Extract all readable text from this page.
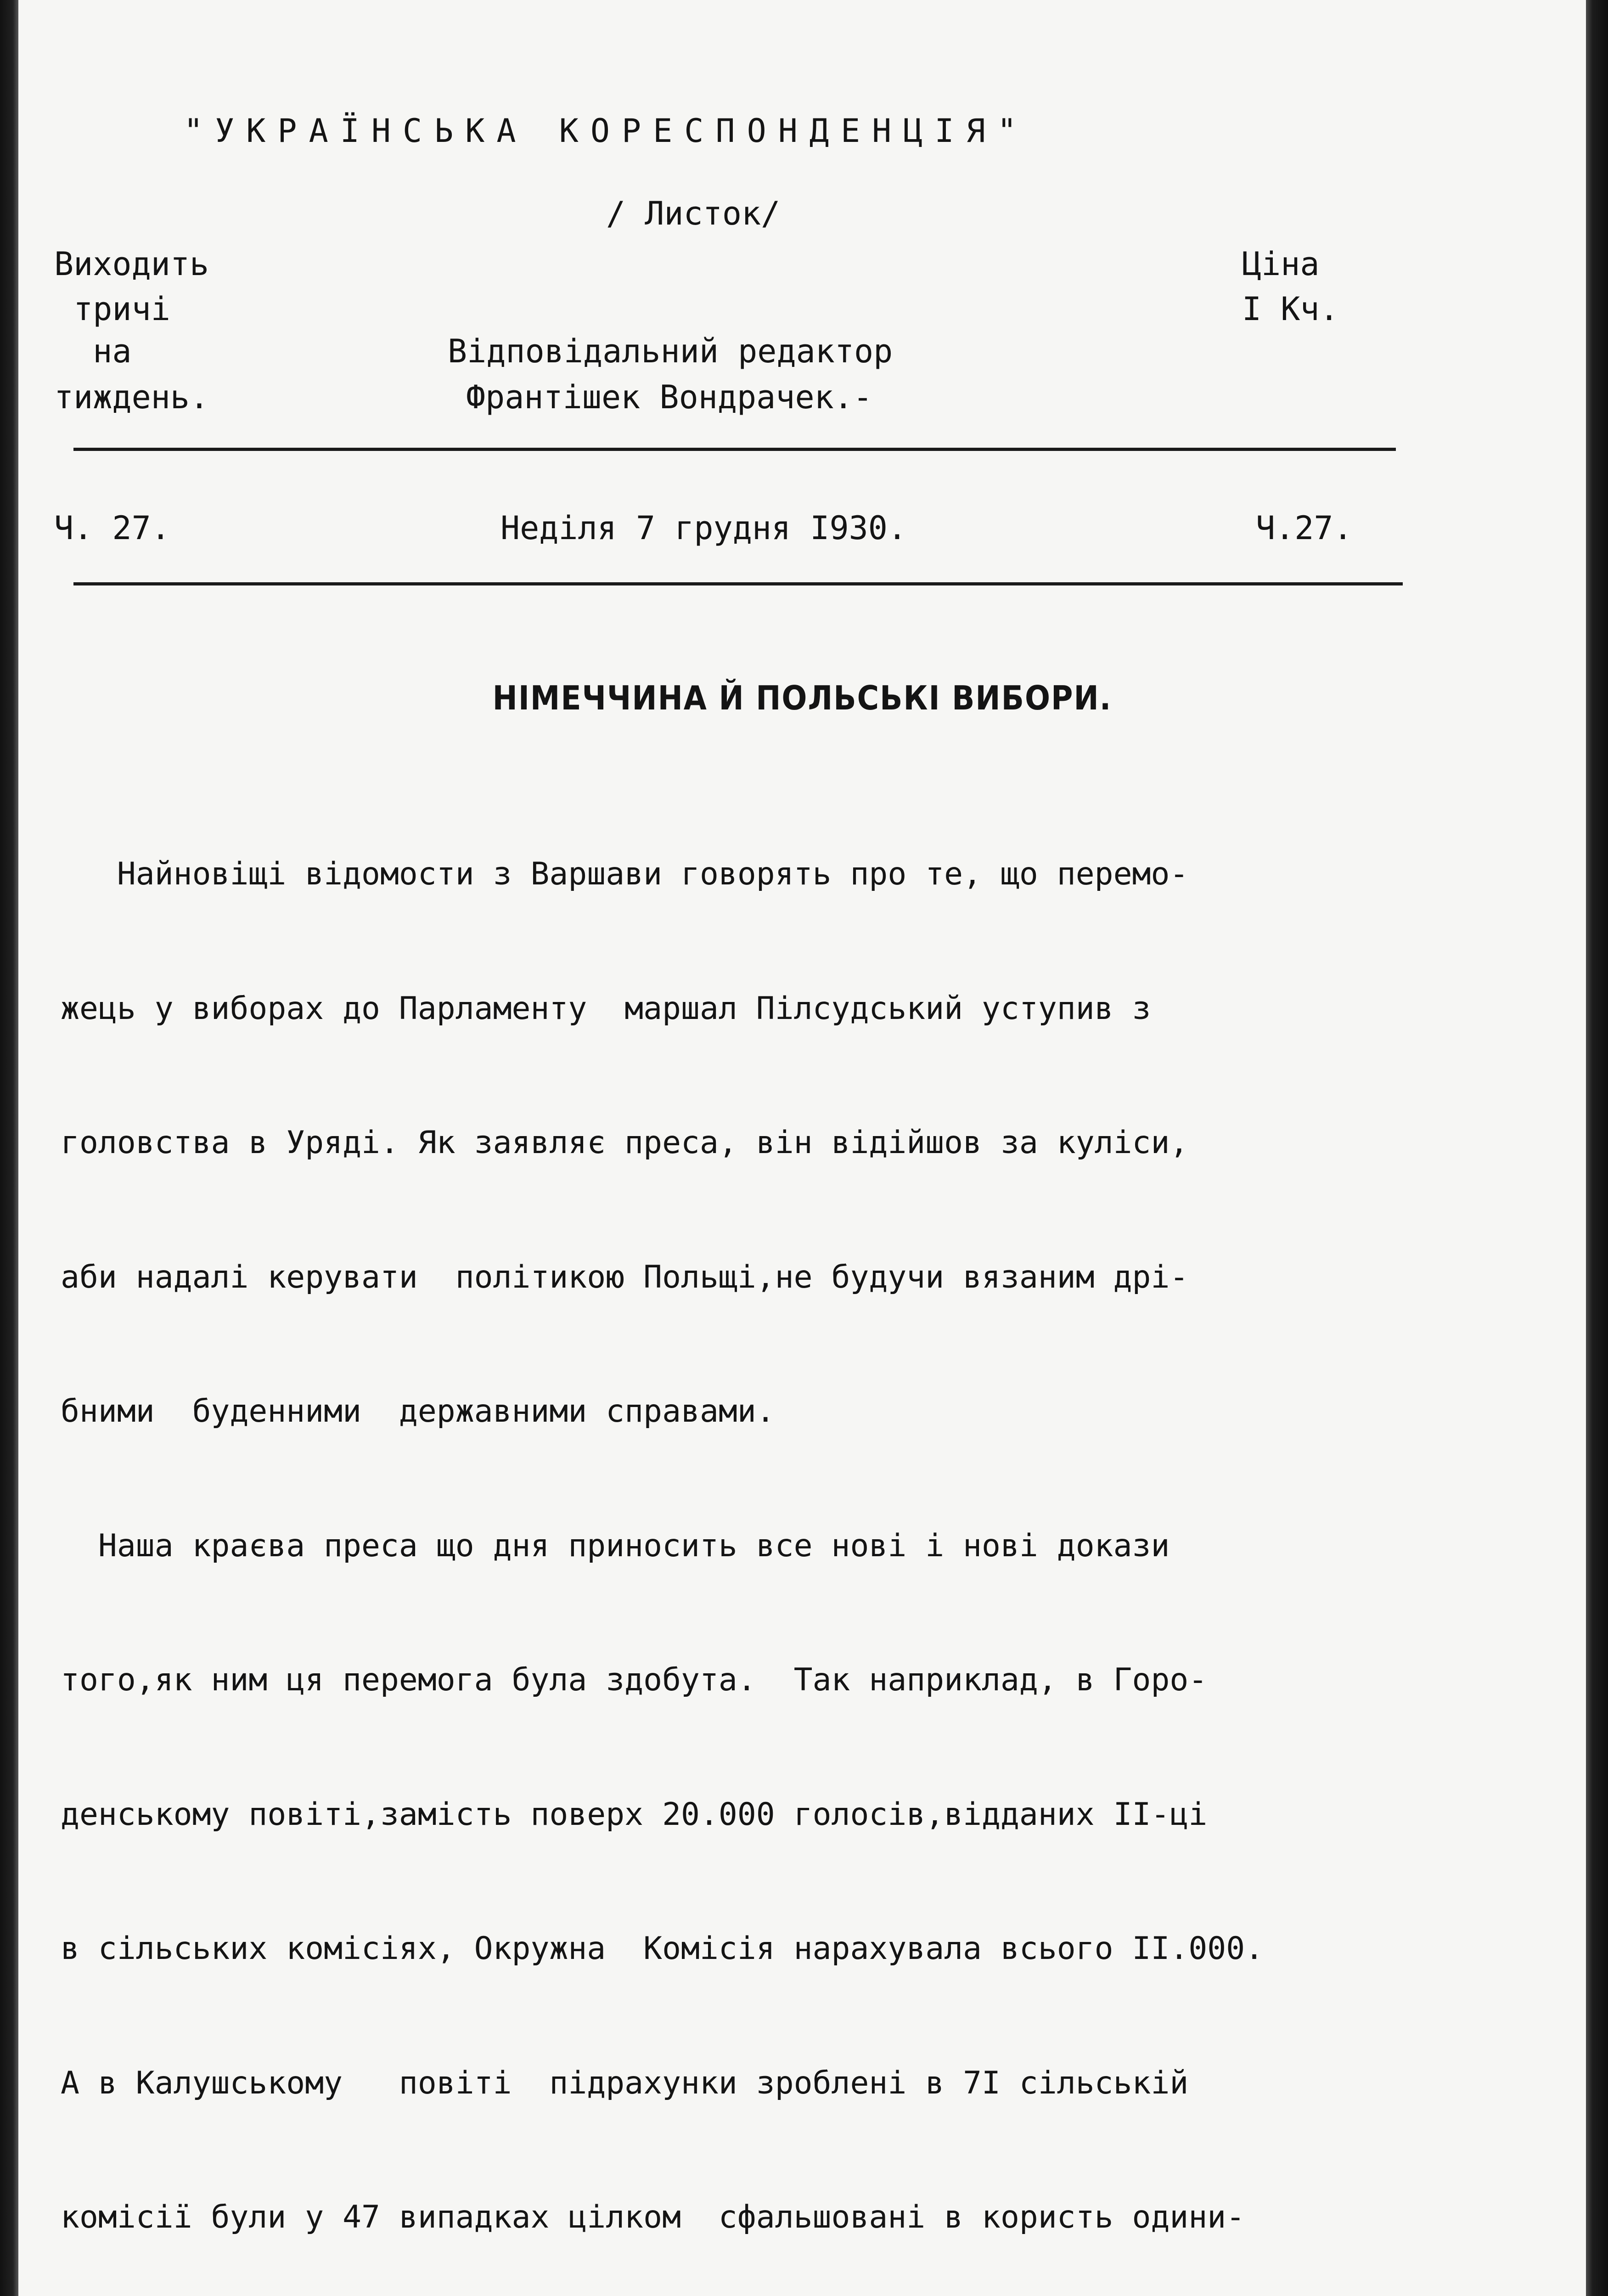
"УКРАЇНСЬКА КОРЕСПОНДЕНЦІЯ"
/ Листок/
Виходить
тричі
на
тиждень.
Відповідальний редактор
Франтішек Вондрачек.-
Ціна
І Кч.
Ч. 27.	Неділя 7 грудня І930.	Ч.27.
НІМЕЧЧИНА Й ПОЛЬСЬКІ ВИБОРИ.

Найновіщі відомости з Варшави говорять про те, що перемо-

жець у виборах до Парламенту  маршал Пілсудський уступив з

головства в Уряді. Як заявляє преса, він відійшов за куліси,

аби надалі керувати  політикою Польщі,не будучи вязаним дрі-

бними  буденними  державними справами.

Наша краєва преса що дня приносить все нові і нові докази

того,як ним ця перемога була здобута.  Так наприклад, в Горо-

денському повіті,замість поверх 20.000 голосів,відданих ІІ-ці

в сільських комісіях, Окружна  Комісія нарахувала всього ІІ.000.

А в Калушському   повіті  підрахунки зроблені в 7І сільській

комісії були у 47 випадках цілком  сфальшовані в користь одини-
